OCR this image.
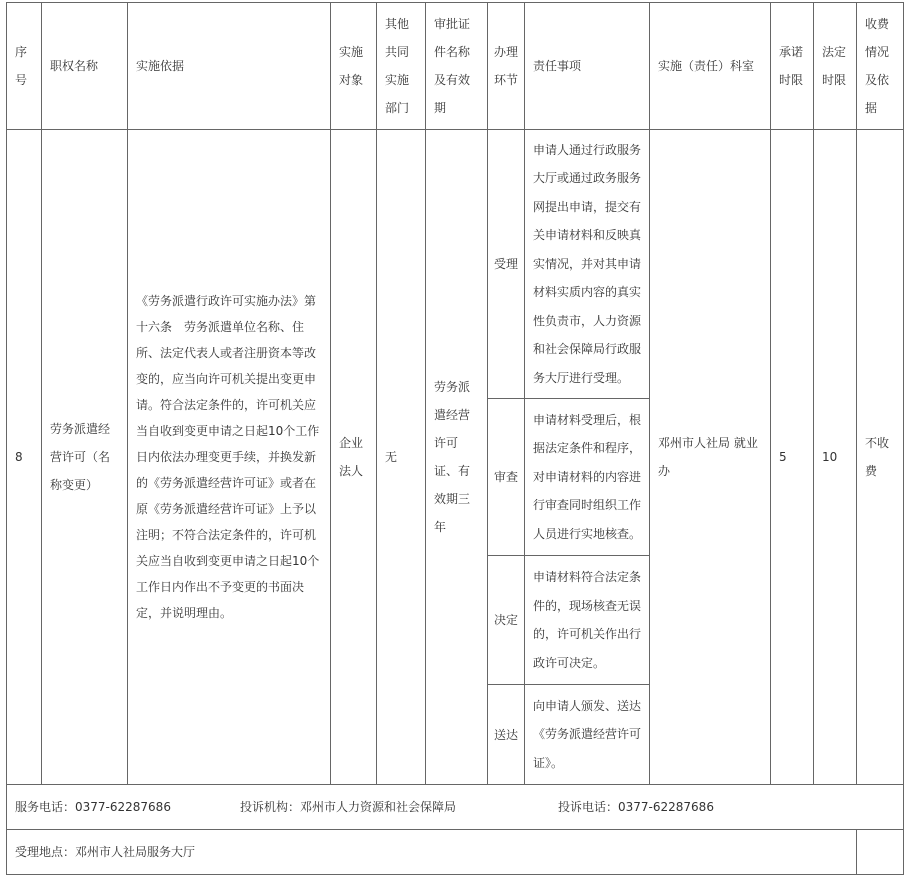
序号	职权名称	实施依据	实施对象	其他共同实施部门	审批证件名称及有效期	办理环节	责任事项	实施（责任）科室	承诺时限	法定时限	收费情况及依据
8	劳务派遣经营许可（名称变更）	《劳务派遣行政许可实施办法》第十六条　劳务派遣单位名称、住所、法定代表人或者注册资本等改变的，应当向许可机关提出变更申请。符合法定条件的，许可机关应当自收到变更申请之日起10个工作日内依法办理变更手续，并换发新的《劳务派遣经营许可证》或者在原《劳务派遣经营许可证》上予以注明；不符合法定条件的，许可机关应当自收到变更申请之日起10个工作日内作出不予变更的书面决定，并说明理由。	企业法人	无	劳务派遣经营许可证、有效期三年	受理	申请人通过行政服务大厅或通过政务服务网提出申请，提交有关申请材料和反映真实情况，并对其申请材料实质内容的真实性负责市，人力资源和社会保障局行政服务大厅进行受理。	邓州市人社局 就业办	5	10	不收费
						审查	申请材料受理后，根据法定条件和程序，对申请材料的内容进行审查同时组织工作人员进行实地核查。				
						决定	申请材料符合法定条件的，现场核查无误的，许可机关作出行政许可决定。				
						送达	向申请人颁发、送达《劳务派遣经营许可证》。				
服务电话：0377-62287686 投诉机构：邓州市人力资源和社会保障局 投诉电话：0377-62287686											
受理地点：邓州市人社局服务大厅											
